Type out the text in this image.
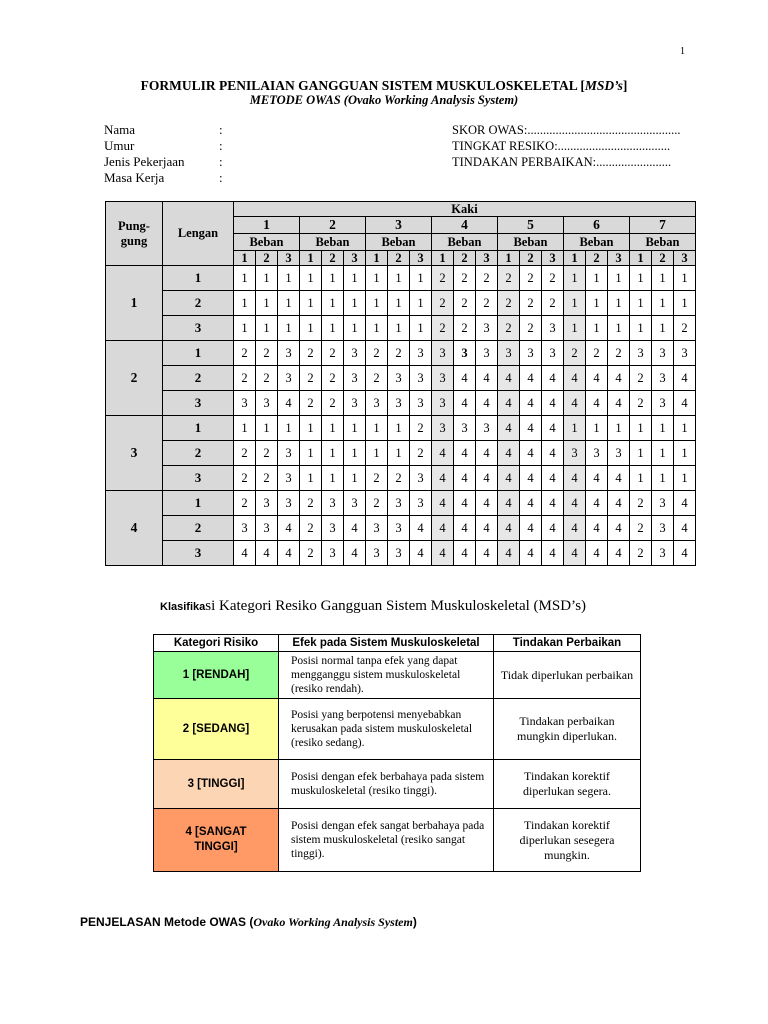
1
FORMULIR PENILAIAN GANGGUAN SISTEM MUSKULOSKELETAL [MSD’s]
METODE OWAS (Ovako Working Analysis System)
Nama
Umur
Jenis Pekerjaan
Masa Kerja
:
:
:
:
SKOR OWAS:.................................................
TINGKAT RESIKO:....................................
TINDAKAN PERBAIKAN:........................
Pung- gung	Lengan	Kaki																				
		1			2			3			4			5			6			7		
		Beban			Beban			Beban			Beban			Beban			Beban			Beban		
		1	2	3	1	2	3	1	2	3	1	2	3	1	2	3	1	2	3	1	2	3
1	1	1	1	1	1	1	1	1	1	1	2	2	2	2	2	2	1	1	1	1	1	1
	2	1	1	1	1	1	1	1	1	1	2	2	2	2	2	2	1	1	1	1	1	1
	3	1	1	1	1	1	1	1	1	1	2	2	3	2	2	3	1	1	1	1	1	2
2	1	2	2	3	2	2	3	2	2	3	3	3	3	3	3	3	2	2	2	3	3	3
	2	2	2	3	2	2	3	2	3	3	3	4	4	4	4	4	4	4	4	2	3	4
	3	3	3	4	2	2	3	3	3	3	3	4	4	4	4	4	4	4	4	2	3	4
3	1	1	1	1	1	1	1	1	1	2	3	3	3	4	4	4	1	1	1	1	1	1
	2	2	2	3	1	1	1	1	1	2	4	4	4	4	4	4	3	3	3	1	1	1
	3	2	2	3	1	1	1	2	2	3	4	4	4	4	4	4	4	4	4	1	1	1
4	1	2	3	3	2	3	3	2	3	3	4	4	4	4	4	4	4	4	4	2	3	4
	2	3	3	4	2	3	4	3	3	4	4	4	4	4	4	4	4	4	4	2	3	4
	3	4	4	4	2	3	4	3	3	4	4	4	4	4	4	4	4	4	4	2	3	4
Klasifikasi Kategori Resiko Gangguan Sistem Muskuloskeletal (MSD’s)
Kategori Risiko	Efek pada Sistem Muskuloskeletal	Tindakan Perbaikan
1 [RENDAH]	Posisi normal tanpa efek yang dapat mengganggu sistem muskuloskeletal (resiko rendah).	Tidak diperlukan perbaikan
2 [SEDANG]	Posisi yang berpotensi menyebabkan kerusakan pada sistem muskuloskeletal (resiko sedang).	Tindakan perbaikan mungkin diperlukan.
3 [TINGGI]	Posisi dengan efek berbahaya pada sistem muskuloskeletal (resiko tinggi).	Tindakan korektif diperlukan segera.
4 [SANGAT TINGGI]	Posisi dengan efek sangat berbahaya pada sistem muskuloskeletal (resiko sangat tinggi).	Tindakan korektif diperlukan sesegera mungkin.
PENJELASAN Metode OWAS (Ovako Working Analysis System)
